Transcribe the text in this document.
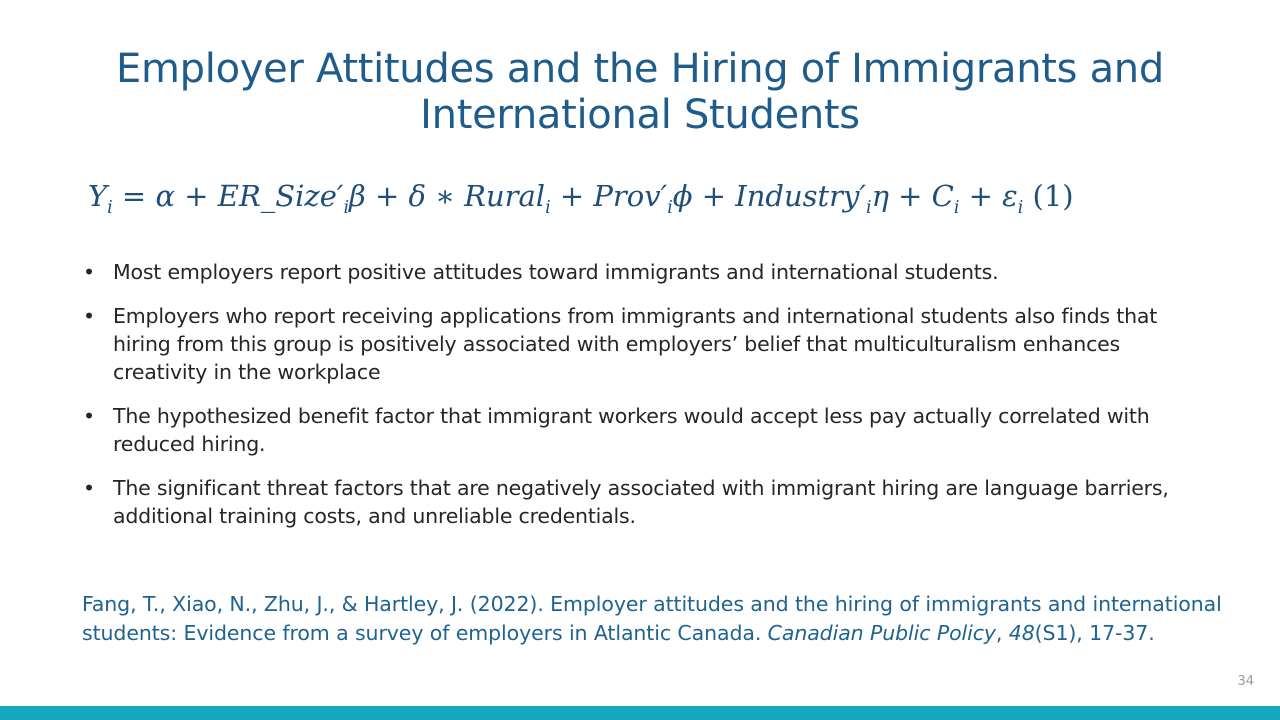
Employer Attitudes and the Hiring of Immigrants and International Students
$Y_i = \alpha$ + $ER\_Size'_i\beta + \delta$ ∗ Rural$_i$ + $Prov'_i\phi$ + $Industry'_i\eta + C_i + \varepsilon_i$ (1)
• Most employers report positive attitudes toward immigrants and international students.
• Employers who report receiving applications from immigrants and international students also finds that hiring from this group is positively associated with employers’ belief that multiculturalism enhances creativity in the workplace
• The hypothesized benefit factor that immigrant workers would accept less pay actually correlated with reduced hiring.
• The significant threat factors that are negatively associated with immigrant hiring are language barriers, additional training costs, and unreliable credentials.
Fang, T., Xiao, N., Zhu, J., & Hartley, J. (2022). Employer attitudes and the hiring of immigrants and international students: Evidence from a survey of employers in Atlantic Canada. Canadian Public Policy, 48(S1), 17-37.
34
